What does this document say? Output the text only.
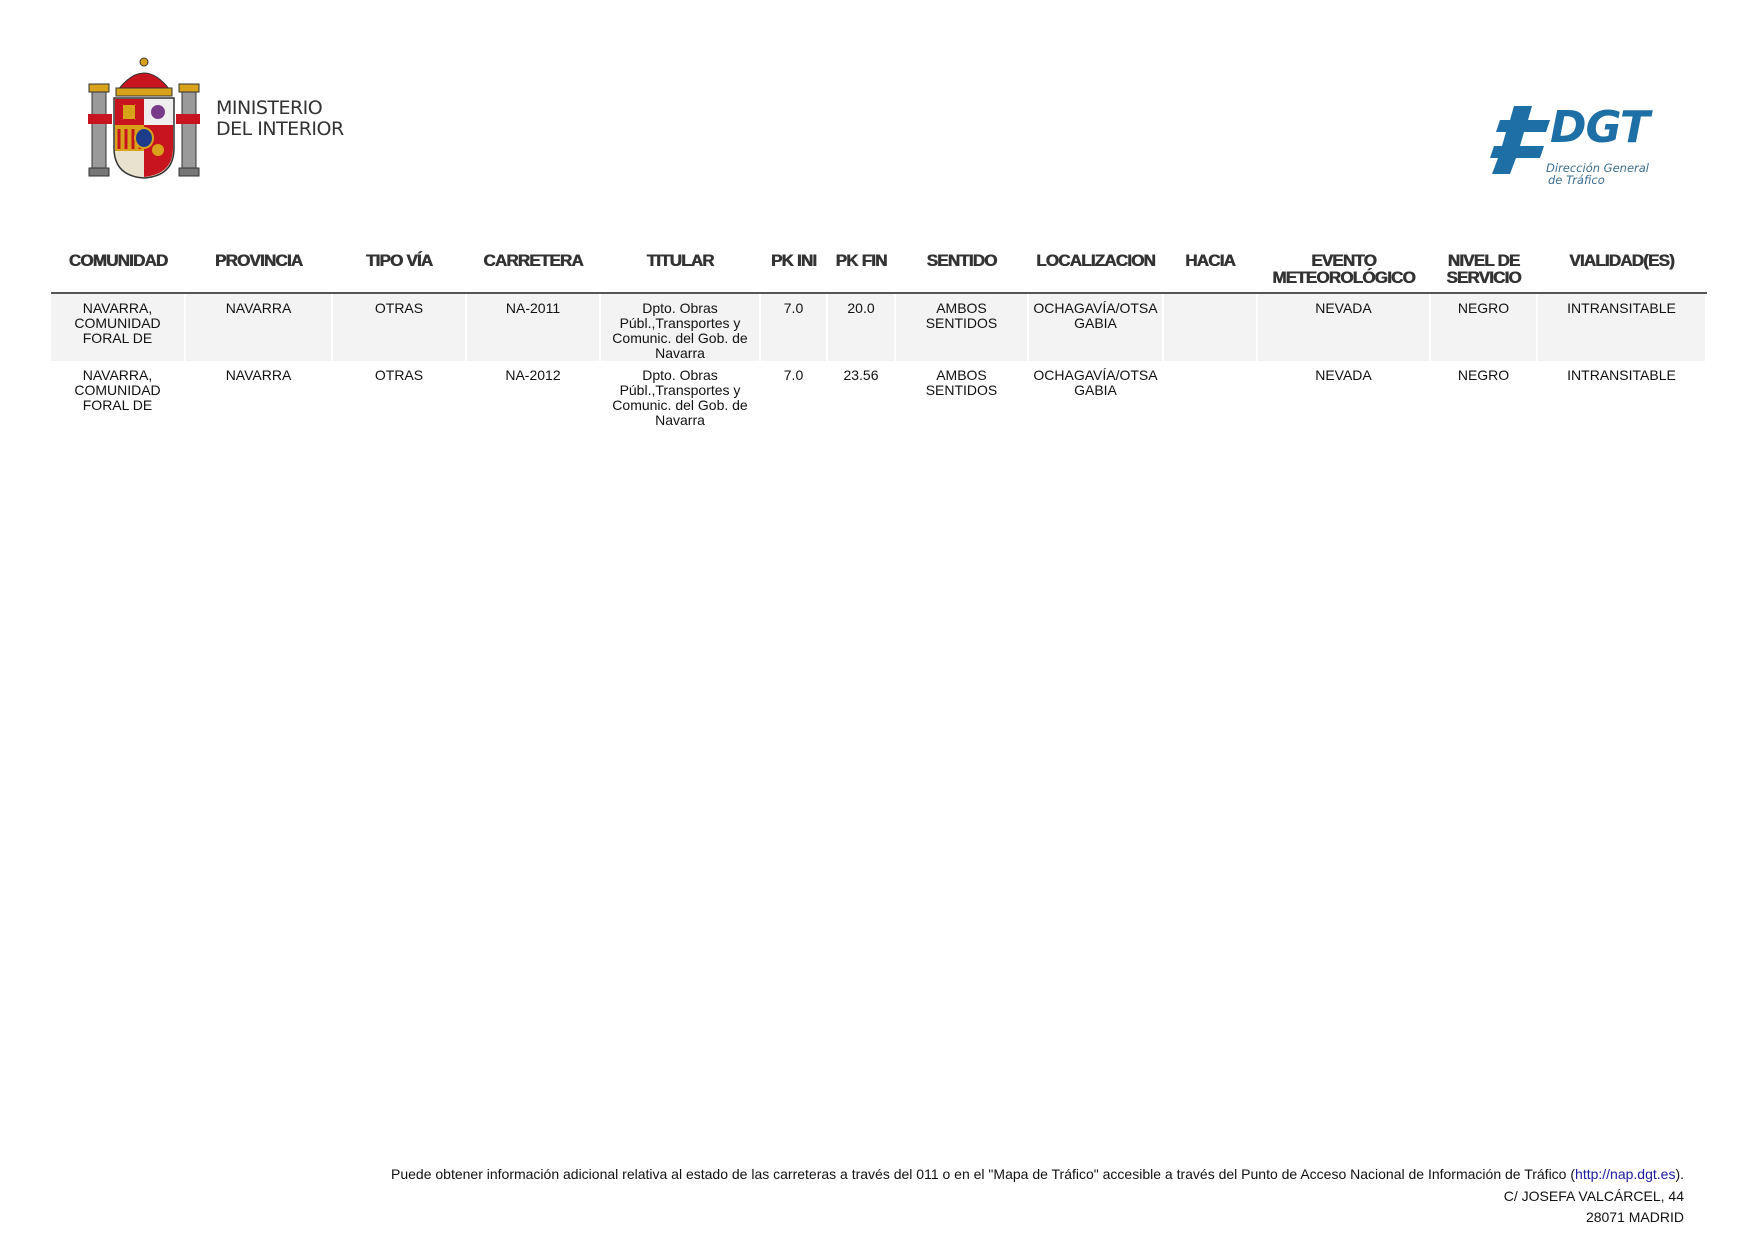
MINISTERIO
DEL INTERIOR	DGT
Dirección General
de Tráfico
COMUNIDAD	PROVINCIA	TIPO VÍA	CARRETERA	TITULAR	PK INI	PK FIN	SENTIDO	LOCALIZACION	HACIA	EVENTO METEOROLÓGICO	NIVEL DE SERVICIO	VIALIDAD(ES)
NAVARRA, COMUNIDAD FORAL DE	NAVARRA	OTRAS	NA-2011	Dpto. Obras Públ.,Transportes y Comunic. del Gob. de Navarra	7.0	20.0	AMBOS SENTIDOS	OCHAGAVÍA/OTSAGABIA		NEVADA	NEGRO	INTRANSITABLE
NAVARRA, COMUNIDAD FORAL DE	NAVARRA	OTRAS	NA-2012	Dpto. Obras Públ.,Transportes y Comunic. del Gob. de Navarra	7.0	23.56	AMBOS SENTIDOS	OCHAGAVÍA/OTSAGABIA		NEVADA	NEGRO	INTRANSITABLE
Puede obtener información adicional relativa al estado de las carreteras a través del 011 o en el "Mapa de Tráfico" accesible a través del Punto de Acceso Nacional de Información de Tráfico (http://nap.dgt.es).
C/ JOSEFA VALCÁRCEL, 44
28071 MADRID
